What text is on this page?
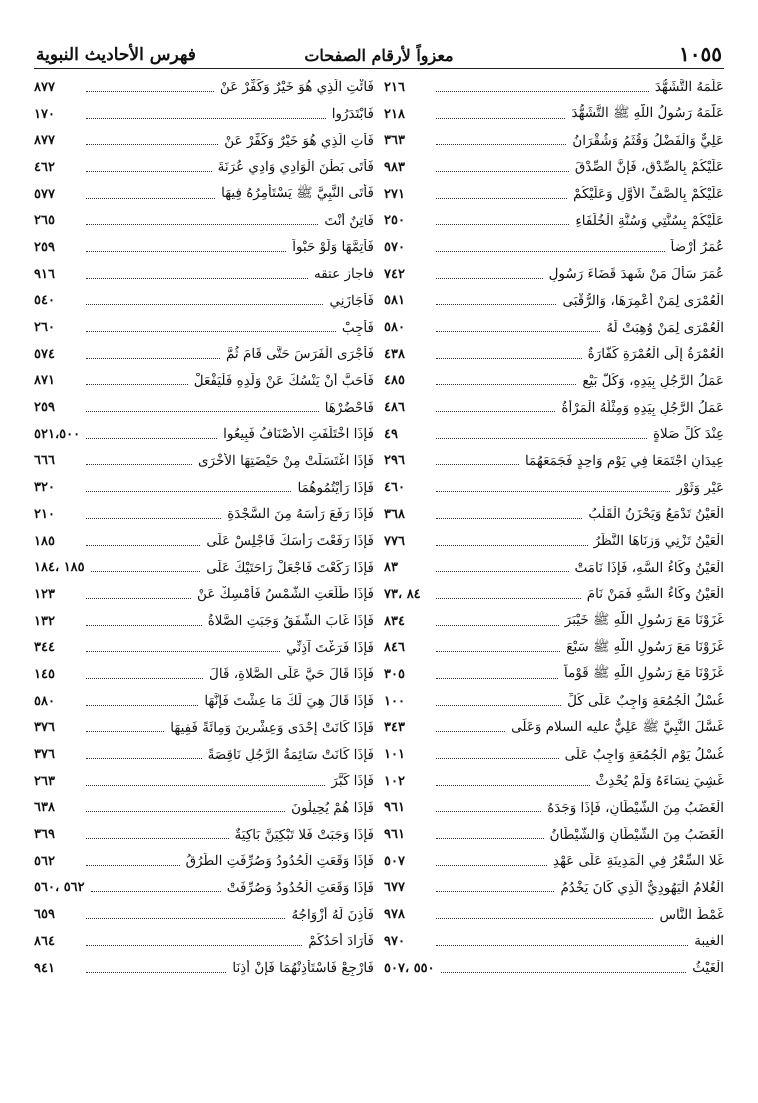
١٠٥٥
معزواً لأرقام الصفحات
فهرس الأحاديث النبوية
عَلَّمَهُ التَّشَهُّدَ
٢١٦
عَلَّمَهُ رَسُولُ اللَّهِ ﷺ التَّشَهُّدَ
٢١٨
عَلِيٌّ وَالْفَضْلُ وَقُثَمُ وَشُقْرَانُ
٣٦٣
عَلَيْكُمْ بِالصِّدْقِ، فَإِنَّ الصِّدْقَ
٩٨٣
عَلَيْكُمْ بِالصَّفِّ الأَوَّلِ وَعَلَيْكُمْ
٢٧١
عَلَيْكُمْ بِسُنَّتِي وَسُنَّةِ الْخُلَفَاءِ
٢٥٠
عُمَرُ أَرْضاً
٥٧٠
عُمَرَ سَأَلَ مَنْ شَهِدَ قَضَاءَ رَسُولِ
٧٤٢
الْعُمْرَى لِمَنْ أُعْمِرَهَا، وَالرُّقْبَى
٥٨١
الْعُمْرَى لِمَنْ وُهِبَتْ لَهُ
٥٨٠
الْعُمْرَةُ إِلَى الْعُمْرَةِ كَفَّارَةٌ
٤٣٨
عَمَلُ الرَّجُلِ بِيَدِهِ، وَكُلُّ بَيْعٍ
٤٨٥
عَمَلُ الرَّجُلِ بِيَدِهِ وَمِثْلُهُ الْمَرْأَةُ
٤٨٦
عِنْدَ كُلِّ صَلاةٍ
٤٩
عِيدَانِ اجْتَمَعَا فِي يَوْمٍ وَاحِدٍ فَجَمَعَهُمَا
٢٩٦
عَيْرٍ وَثَوْرٍ
٤٦٠
الْعَيْنُ تَدْمَعُ وَيَحْزَنُ الْقَلْبُ
٣٦٨
الْعَيْنُ تَزْنِي وَزِنَاهَا النَّظَرُ
٧٧٦
الْعَيْنُ وِكَاءُ السَّهِ، فَإِذَا نَامَتْ
٨٣
الْعَيْنُ وِكَاءُ السَّهِ فَمَنْ نَامَ
٨٤ ،٧٣
غَزَوْنَا مَعَ رَسُولِ اللَّهِ ﷺ خَيْبَرَ
٨٣٤
غَزَوْنَا مَعَ رَسُولِ اللَّهِ ﷺ سَبْعَ
٨٤٦
غَزَوْنَا مَعَ رَسُولِ اللَّهِ ﷺ قَوْماً
٣٠٥
غُسْلُ الْجُمُعَةِ وَاجِبٌ عَلَى كُلِّ
١٠٠
غَسَّلَ النَّبِيَّ ﷺ عَلِيٌّ عليه السلام وَعَلَى
٣٤٣
غُسْلُ يَوْمِ الْجُمُعَةِ وَاجِبٌ عَلَى
١٠١
غَشِيَ نِسَاءَهُ وَلَمْ يُحْدِثْ
١٠٢
الْغَضَبُ مِنَ الشَّيْطَانِ، فَإِذَا وَجَدَهُ
٩٦١
الْغَضَبُ مِنَ الشَّيْطَانِ وَالشَّيْطَانُ
٩٦١
غَلا السِّعْرُ فِي الْمَدِينَةِ عَلَى عَهْدِ
٥٠٧
الْغُلامُ الْيَهُودِيُّ الَّذِي كَانَ يَخْدُمُ
٦٧٧
غَمْطُ النَّاسِ
٩٧٨
الغيبة
٩٧٠
الْغَيْثُ
٥٥٠ ،٥٠٧
فَائْتِ الَّذِي هُوَ خَيْرٌ وَكَفِّرْ عَنْ
٨٧٧
فَابْتَدَرُوا
١٧٠
فَأْتِ الَّذِي هُوَ خَيْرٌ وَكَفِّرْ عَنْ
٨٧٧
فَأَتَى بَطْنَ الْوَادِي وَادِي عُرَنَةَ
٤٦٢
فَأَتَى النَّبِيَّ ﷺ يَسْتَأْمِرُهُ فِيهَا
٥٧٧
فَاتِنٌ أَنْتَ
٢٦٥
فَأَتِمَّهَا وَلَوْ حَبْواً
٢٥٩
فاجاز عتقه
٩١٦
فَأَجَازَنِي
٥٤٠
فَأَجِبْ
٢٦٠
فَأَجْرَى الْفَرَسَ حَتَّى قَامَ ثُمَّ
٥٧٤
فَأَحَبَّ أَنْ يَنْسُكَ عَنْ وَلَدِهِ فَلْيَفْعَلْ
٨٧١
فَاحْضُرْهَا
٢٥٩
فَإِذَا اخْتَلَفَتِ الأَصْنَافُ فَبِيعُوا
٥٢١،٥٠٠
فَإِذَا اغْتَسَلَتْ مِنْ حَيْضَتِهَا الأُخْرَى
٦٦٦
فَإِذَا رَأَيْتُمُوهُمَا
٣٢٠
فَإِذَا رَفَعَ رَأْسَهُ مِنَ السَّجْدَةِ
٢١٠
فَإِذَا رَفَعْتَ رَأْسَكَ فَاجْلِسْ عَلَى
١٨٥
فَإِذَا رَكَعْتَ فَاجْعَلْ رَاحَتَيْكَ عَلَى
١٨٥ ،١٨٤
فَإِذَا طَلَعَتِ الشَّمْسُ فَأَمْسِكْ عَنْ
١٢٣
فَإِذَا غَابَ الشَّفَقُ وَجَبَتِ الصَّلاةُ
١٣٢
فَإِذَا فَرَغْتَ آذِنِّي
٣٤٤
فَإِذَا قَالَ حَيَّ عَلَى الصَّلاةِ، قَالَ
١٤٥
فَإِذَا قَالَ هِيَ لَكَ مَا عِشْتَ فَإِنَّهَا
٥٨٠
فَإِذَا كَانَتْ إِحْدَى وَعِشْرِينَ وَمِائَةً فَفِيهَا
٣٧٦
فَإِذَا كَانَتْ سَائِمَةُ الرَّجُلِ نَاقِصَةً
٣٧٦
فَإِذَا كَبَّرَ
٢٦٣
فَإِذَا هُمْ يُحِيلُونَ
٦٣٨
فَإِذَا وَجَبَتْ فَلا تَبْكِيَنَّ بَاكِيَةٌ
٣٦٩
فَإِذَا وَقَعَتِ الْحُدُودُ وَصُرِّفَتِ الطُّرُقُ
٥٦٢
فَإِذَا وَقَعَتِ الْحُدُودُ وَصُرِّفَتْ
٥٦٢ ،٥٦٠
فَأَذِنَ لَهُ أَزْوَاجُهُ
٦٥٩
فَأَرَادَ أَحَدُكُمْ
٨٦٤
فَارْجِعْ فَاسْتَأْذِنْهُمَا فَإِنْ أَذِنَا
٩٤١
